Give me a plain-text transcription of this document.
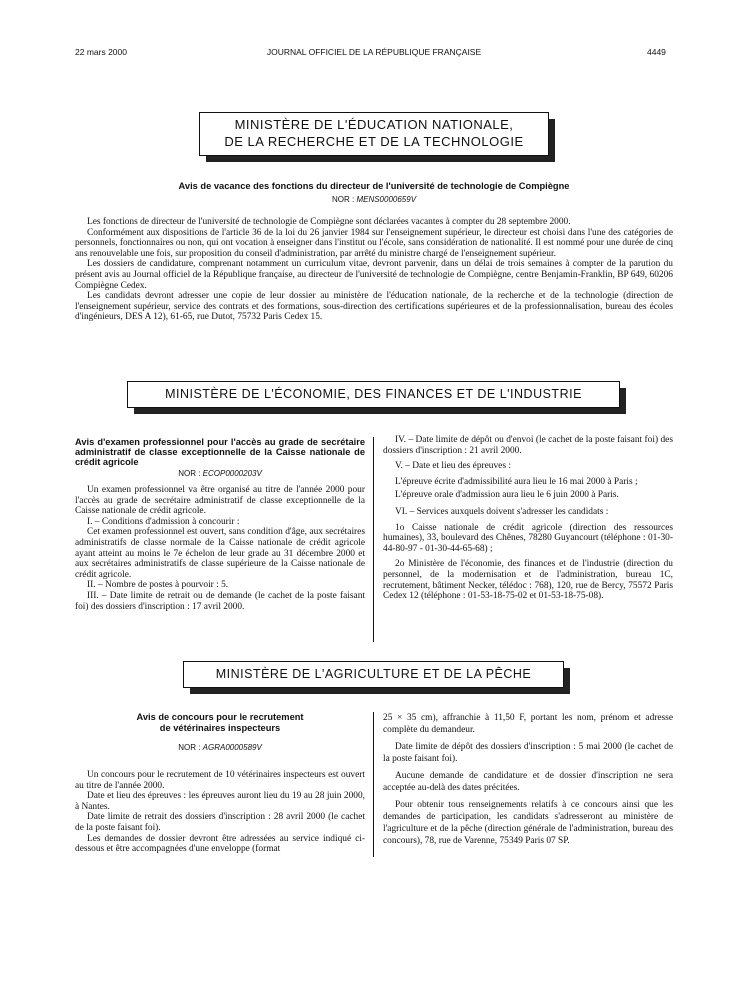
22 mars 2000	JOURNAL OFFICIEL DE LA RÉPUBLIQUE FRANÇAISE	4449
MINISTÈRE DE L'ÉDUCATION NATIONALE,
DE LA RECHERCHE ET DE LA TECHNOLOGIE
Avis de vacance des fonctions du directeur de l'université de technologie de Compiègne
NOR : MENS0000659V

Les fonctions de directeur de l'université de technologie de Compiègne sont déclarées vacantes à compter du 28 septembre 2000.

Conformément aux dispositions de l'article 36 de la loi du 26 janvier 1984 sur l'enseignement supérieur, le directeur est choisi dans l'une des catégories de personnels, fonctionnaires ou non, qui ont vocation à enseigner dans l'institut ou l'école, sans considération de nationalité. Il est nommé pour une durée de cinq ans renouvelable une fois, sur proposition du conseil d'administration, par arrêté du ministre chargé de l'enseignement supérieur.

Les dossiers de candidature, comprenant notamment un curriculum vitae, devront parvenir, dans un délai de trois semaines à compter de la parution du présent avis au Journal officiel de la République française, au directeur de l'université de technologie de Compiègne, centre Benjamin-Franklin, BP 649, 60206 Compiègne Cedex.

Les candidats devront adresser une copie de leur dossier au ministère de l'éducation nationale, de la recherche et de la technologie (direction de l'enseignement supérieur, service des contrats et des formations, sous-direction des certifications supérieures et de la professionnalisation, bureau des écoles d'ingénieurs, DES A 12), 61-65, rue Dutot, 75732 Paris Cedex 15.

MINISTÈRE DE L'ÉCONOMIE, DES FINANCES ET DE L'INDUSTRIE
Avis d'examen professionnel pour l'accès au grade de secrétaire administratif de classe exceptionnelle de la Caisse nationale de crédit agricole
NOR : ECOP0000203V

Un examen professionnel va être organisé au titre de l'année 2000 pour l'accès au grade de secrétaire administratif de classe exceptionnelle de la Caisse nationale de crédit agricole.

I. – Conditions d'admission à concourir :

Cet examen professionnel est ouvert, sans condition d'âge, aux secrétaires administratifs de classe normale de la Caisse nationale de crédit agricole ayant atteint au moins le 7e échelon de leur grade au 31 décembre 2000 et aux secrétaires administratifs de classe supérieure de la Caisse nationale de crédit agricole.

II. – Nombre de postes à pourvoir : 5.

III. – Date limite de retrait ou de demande (le cachet de la poste faisant foi) des dossiers d'inscription : 17 avril 2000.

IV. – Date limite de dépôt ou d'envoi (le cachet de la poste faisant foi) des dossiers d'inscription : 21 avril 2000.

V. – Date et lieu des épreuves :

L'épreuve écrite d'admissibilité aura lieu le 16 mai 2000 à Paris ;

L'épreuve orale d'admission aura lieu le 6 juin 2000 à Paris.

VI. – Services auxquels doivent s'adresser les candidats :

1o Caisse nationale de crédit agricole (direction des ressources humaines), 33, boulevard des Chênes, 78280 Guyancourt (téléphone : 01-30-44-80-97 - 01-30-44-65-68) ;

2o Ministère de l'économie, des finances et de l'industrie (direction du personnel, de la modernisation et de l'administration, bureau 1C, recrutement, bâtiment Necker, télédoc : 768), 120, rue de Bercy, 75572 Paris Cedex 12 (téléphone : 01-53-18-75-02 et 01-53-18-75-08).

MINISTÈRE DE L'AGRICULTURE ET DE LA PÊCHE
Avis de concours pour le recrutement
de vétérinaires inspecteurs
NOR : AGRA0000589V

Un concours pour le recrutement de 10 vétérinaires inspecteurs est ouvert au titre de l'année 2000.

Date et lieu des épreuves : les épreuves auront lieu du 19 au 28 juin 2000, à Nantes.

Date limite de retrait des dossiers d'inscription : 28 avril 2000 (le cachet de la poste faisant foi).

Les demandes de dossier devront être adressées au service indiqué ci-dessous et être accompagnées d'une enveloppe (format

25 × 35 cm), affranchie à 11,50 F, portant les nom, prénom et adresse complète du demandeur.

Date limite de dépôt des dossiers d'inscription : 5 mai 2000 (le cachet de la poste faisant foi).

Aucune demande de candidature et de dossier d'inscription ne sera acceptée au-delà des dates précitées.

Pour obtenir tous renseignements relatifs à ce concours ainsi que les demandes de participation, les candidats s'adresseront au ministère de l'agriculture et de la pêche (direction générale de l'administration, bureau des concours), 78, rue de Varenne, 75349 Paris 07 SP.
